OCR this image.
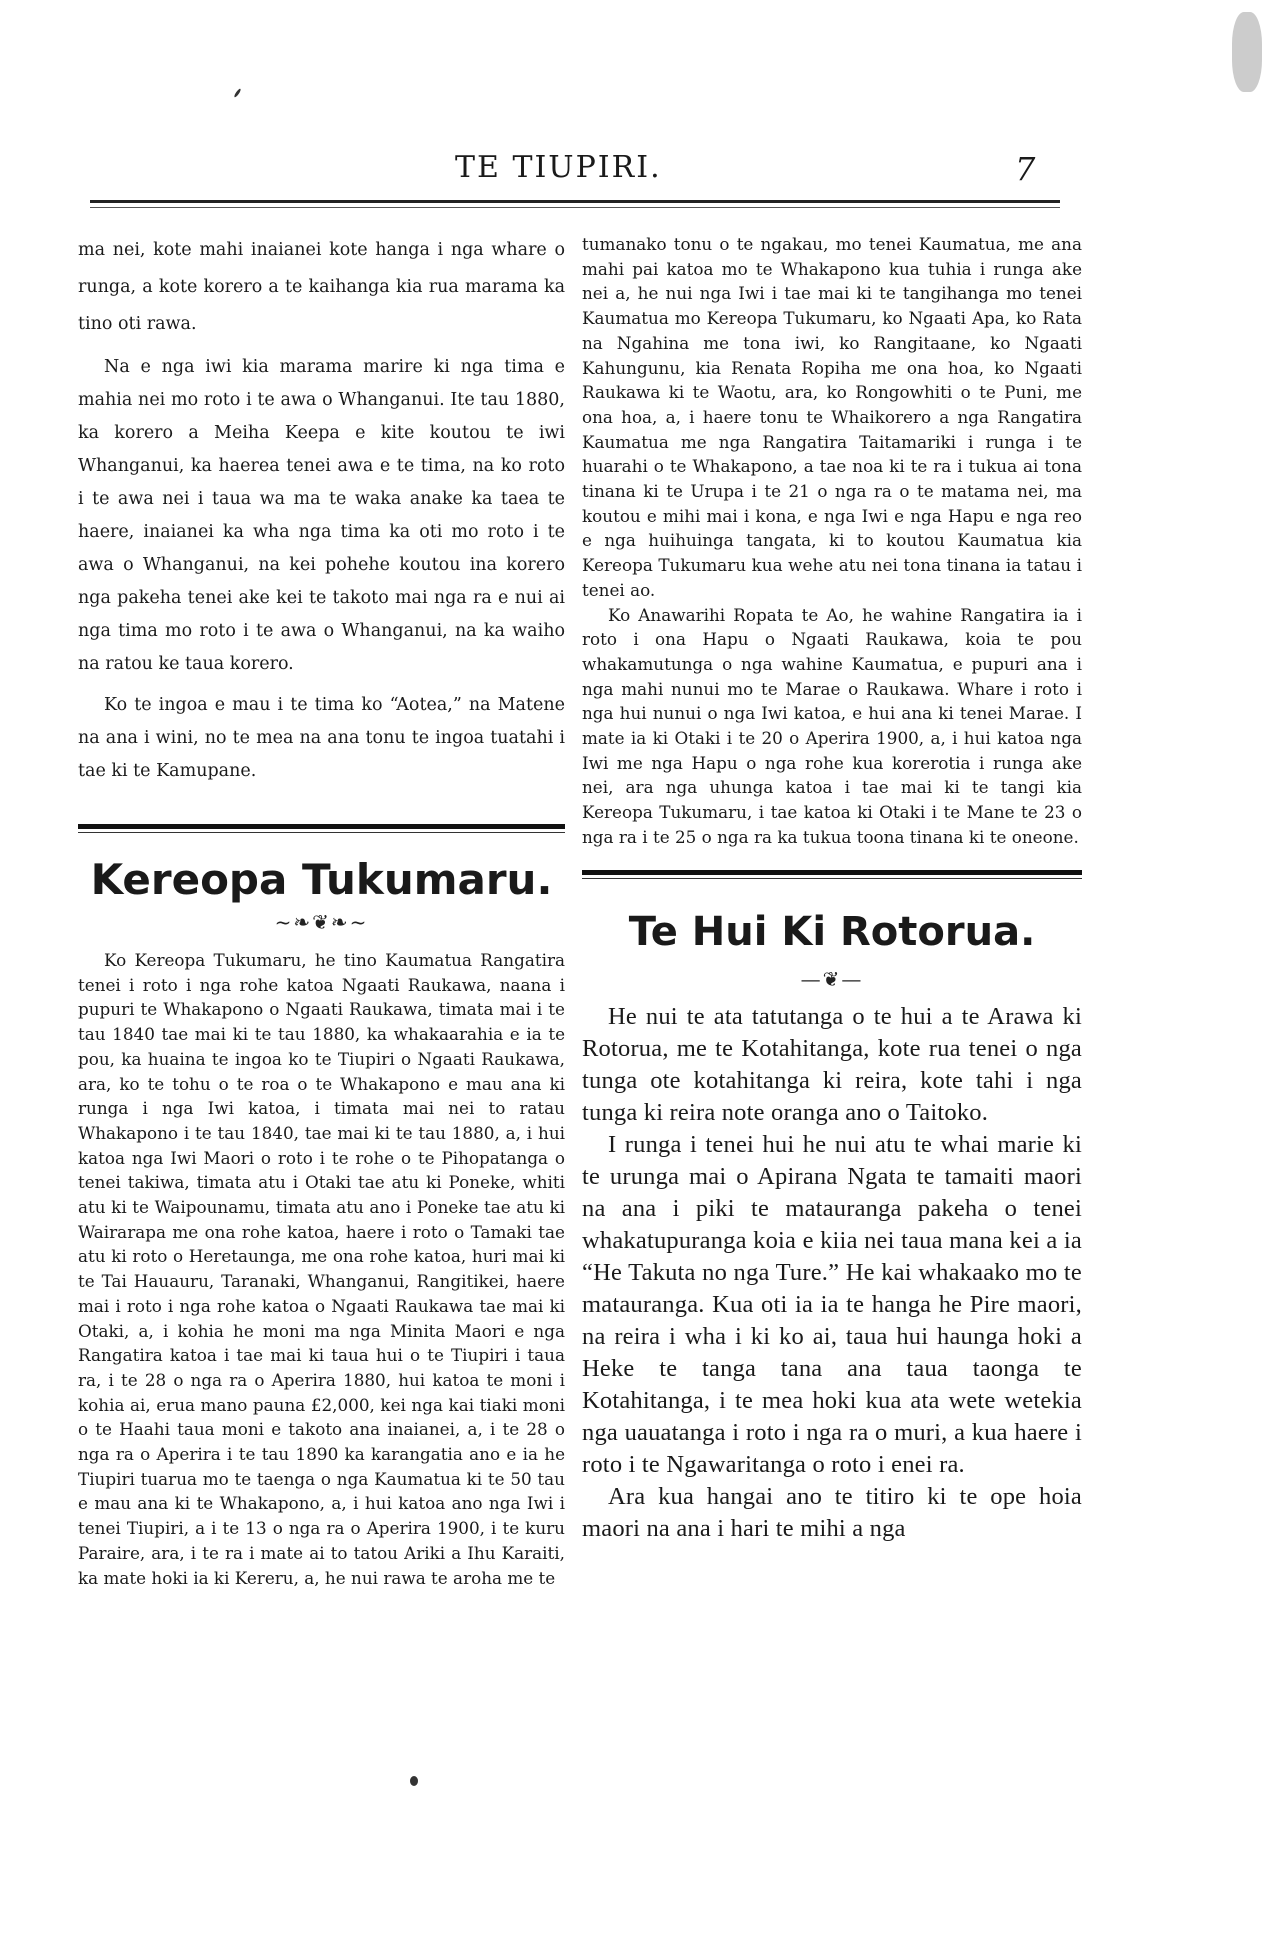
TE TIUPIRI.	7

ma nei, kote mahi inaianei kote hanga i nga whare o runga, a kote korero a te kaihanga kia rua marama ka tino oti rawa.

Na e nga iwi kia marama marire ki nga tima e mahia nei mo roto i te awa o Whanganui. Ite tau 1880, ka korero a Meiha Keepa e kite koutou te iwi Whanganui, ka haerea tenei awa e te tima, na ko roto i te awa nei i taua wa ma te waka anake ka taea te haere, inaianei ka wha nga tima ka oti mo roto i te awa o Whanganui, na kei pohehe koutou ina korero nga pakeha tenei ake kei te takoto mai nga ra e nui ai nga tima mo roto i te awa o Whanganui, na ka waiho na ratou ke taua korero.

Ko te ingoa e mau i te tima ko “Aotea,” na Matene na ana i wini, no te mea na ana tonu te ingoa tuatahi i tae ki te Kamupane.

Kereopa Tukumaru.
~❧❦❧~

Ko Kereopa Tukumaru, he tino Kaumatua Rangatira tenei i roto i nga rohe katoa Ngaati Raukawa, naana i pupuri te Whakapono o Ngaati Raukawa, timata mai i te tau 1840 tae mai ki te tau 1880, ka whakaarahia e ia te pou, ka huaina te ingoa ko te Tiupiri o Ngaati Raukawa, ara, ko te tohu o te roa o te Whakapono e mau ana ki runga i nga Iwi katoa, i timata mai nei to ratau Whakapono i te tau 1840, tae mai ki te tau 1880, a, i hui katoa nga Iwi Maori o roto i te rohe o te Pihopatanga o tenei takiwa, timata atu i Otaki tae atu ki Poneke, whiti atu ki te Waipounamu, timata atu ano i Poneke tae atu ki Wairarapa me ona rohe katoa, haere i roto o Tamaki tae atu ki roto o Heretaunga, me ona rohe katoa, huri mai ki te Tai Hauauru, Taranaki, Whanganui, Rangitikei, haere mai i roto i nga rohe katoa o Ngaati Raukawa tae mai ki Otaki, a, i kohia he moni ma nga Minita Maori e nga Rangatira katoa i tae mai ki taua hui o te Tiupiri i taua ra, i te 28 o nga ra o Aperira 1880, hui katoa te moni i kohia ai, erua mano pauna £2,000, kei nga kai tiaki moni o te Haahi taua moni e takoto ana inaianei, a, i te 28 o nga ra o Aperira i te tau 1890 ka karangatia ano e ia he Tiupiri tuarua mo te taenga o nga Kaumatua ki te 50 tau e mau ana ki te Whakapono, a, i hui katoa ano nga Iwi i tenei Tiupiri, a i te 13 o nga ra o Aperira 1900, i te kuru Paraire, ara, i te ra i mate ai to tatou Ariki a Ihu Karaiti, ka mate hoki ia ki Kereru, a, he nui rawa te aroha me te

tumanako tonu o te ngakau, mo tenei Kaumatua, me ana mahi pai katoa mo te Whakapono kua tuhia i runga ake nei a, he nui nga Iwi i tae mai ki te tangihanga mo tenei Kaumatua mo Kereopa Tukumaru, ko Ngaati Apa, ko Rata na Ngahina me tona iwi, ko Rangitaane, ko Ngaati Kahungunu, kia Renata Ropiha me ona hoa, ko Ngaati Raukawa ki te Waotu, ara, ko Rongowhiti o te Puni, me ona hoa, a, i haere tonu te Whaikorero a nga Rangatira Kaumatua me nga Rangatira Taitamariki i runga i te huarahi o te Whakapono, a tae noa ki te ra i tukua ai tona tinana ki te Urupa i te 21 o nga ra o te matama nei, ma koutou e mihi mai i kona, e nga Iwi e nga Hapu e nga reo e nga huihuinga tangata, ki to koutou Kaumatua kia Kereopa Tukumaru kua wehe atu nei tona tinana ia tatau i tenei ao.

Ko Anawarihi Ropata te Ao, he wahine Rangatira ia i roto i ona Hapu o Ngaati Raukawa, koia te pou whakamutunga o nga wahine Kaumatua, e pupuri ana i nga mahi nunui mo te Marae o Raukawa. Whare i roto i nga hui nunui o nga Iwi katoa, e hui ana ki tenei Marae. I mate ia ki Otaki i te 20 o Aperira 1900, a, i hui katoa nga Iwi me nga Hapu o nga rohe kua korerotia i runga ake nei, ara nga uhunga katoa i tae mai ki te tangi kia Kereopa Tukumaru, i tae katoa ki Otaki i te Mane te 23 o nga ra i te 25 o nga ra ka tukua toona tinana ki te oneone.

Te Hui Ki Rotorua.
—❦—

He nui te ata tatutanga o te hui a te Arawa ki Rotorua, me te Kotahitanga, kote rua tenei o nga tunga ote kotahitanga ki reira, kote tahi i nga tunga ki reira note oranga ano o Taitoko.

I runga i tenei hui he nui atu te whai marie ki te urunga mai o Apirana Ngata te tamaiti maori na ana i piki te matauranga pakeha o tenei whakatupuranga koia e kiia nei taua mana kei a ia “He Takuta no nga Ture.” He kai whakaako mo te matauranga. Kua oti ia ia te hanga he Pire maori, na reira i wha i ki ko ai, taua hui haunga hoki a Heke te tanga tana ana taua taonga te Kotahitanga, i te mea hoki kua ata wete wetekia nga uauatanga i roto i nga ra o muri, a kua haere i roto i te Ngawaritanga o roto i enei ra.

Ara kua hangai ano te titiro ki te ope hoia maori na ana i hari te mihi a nga
